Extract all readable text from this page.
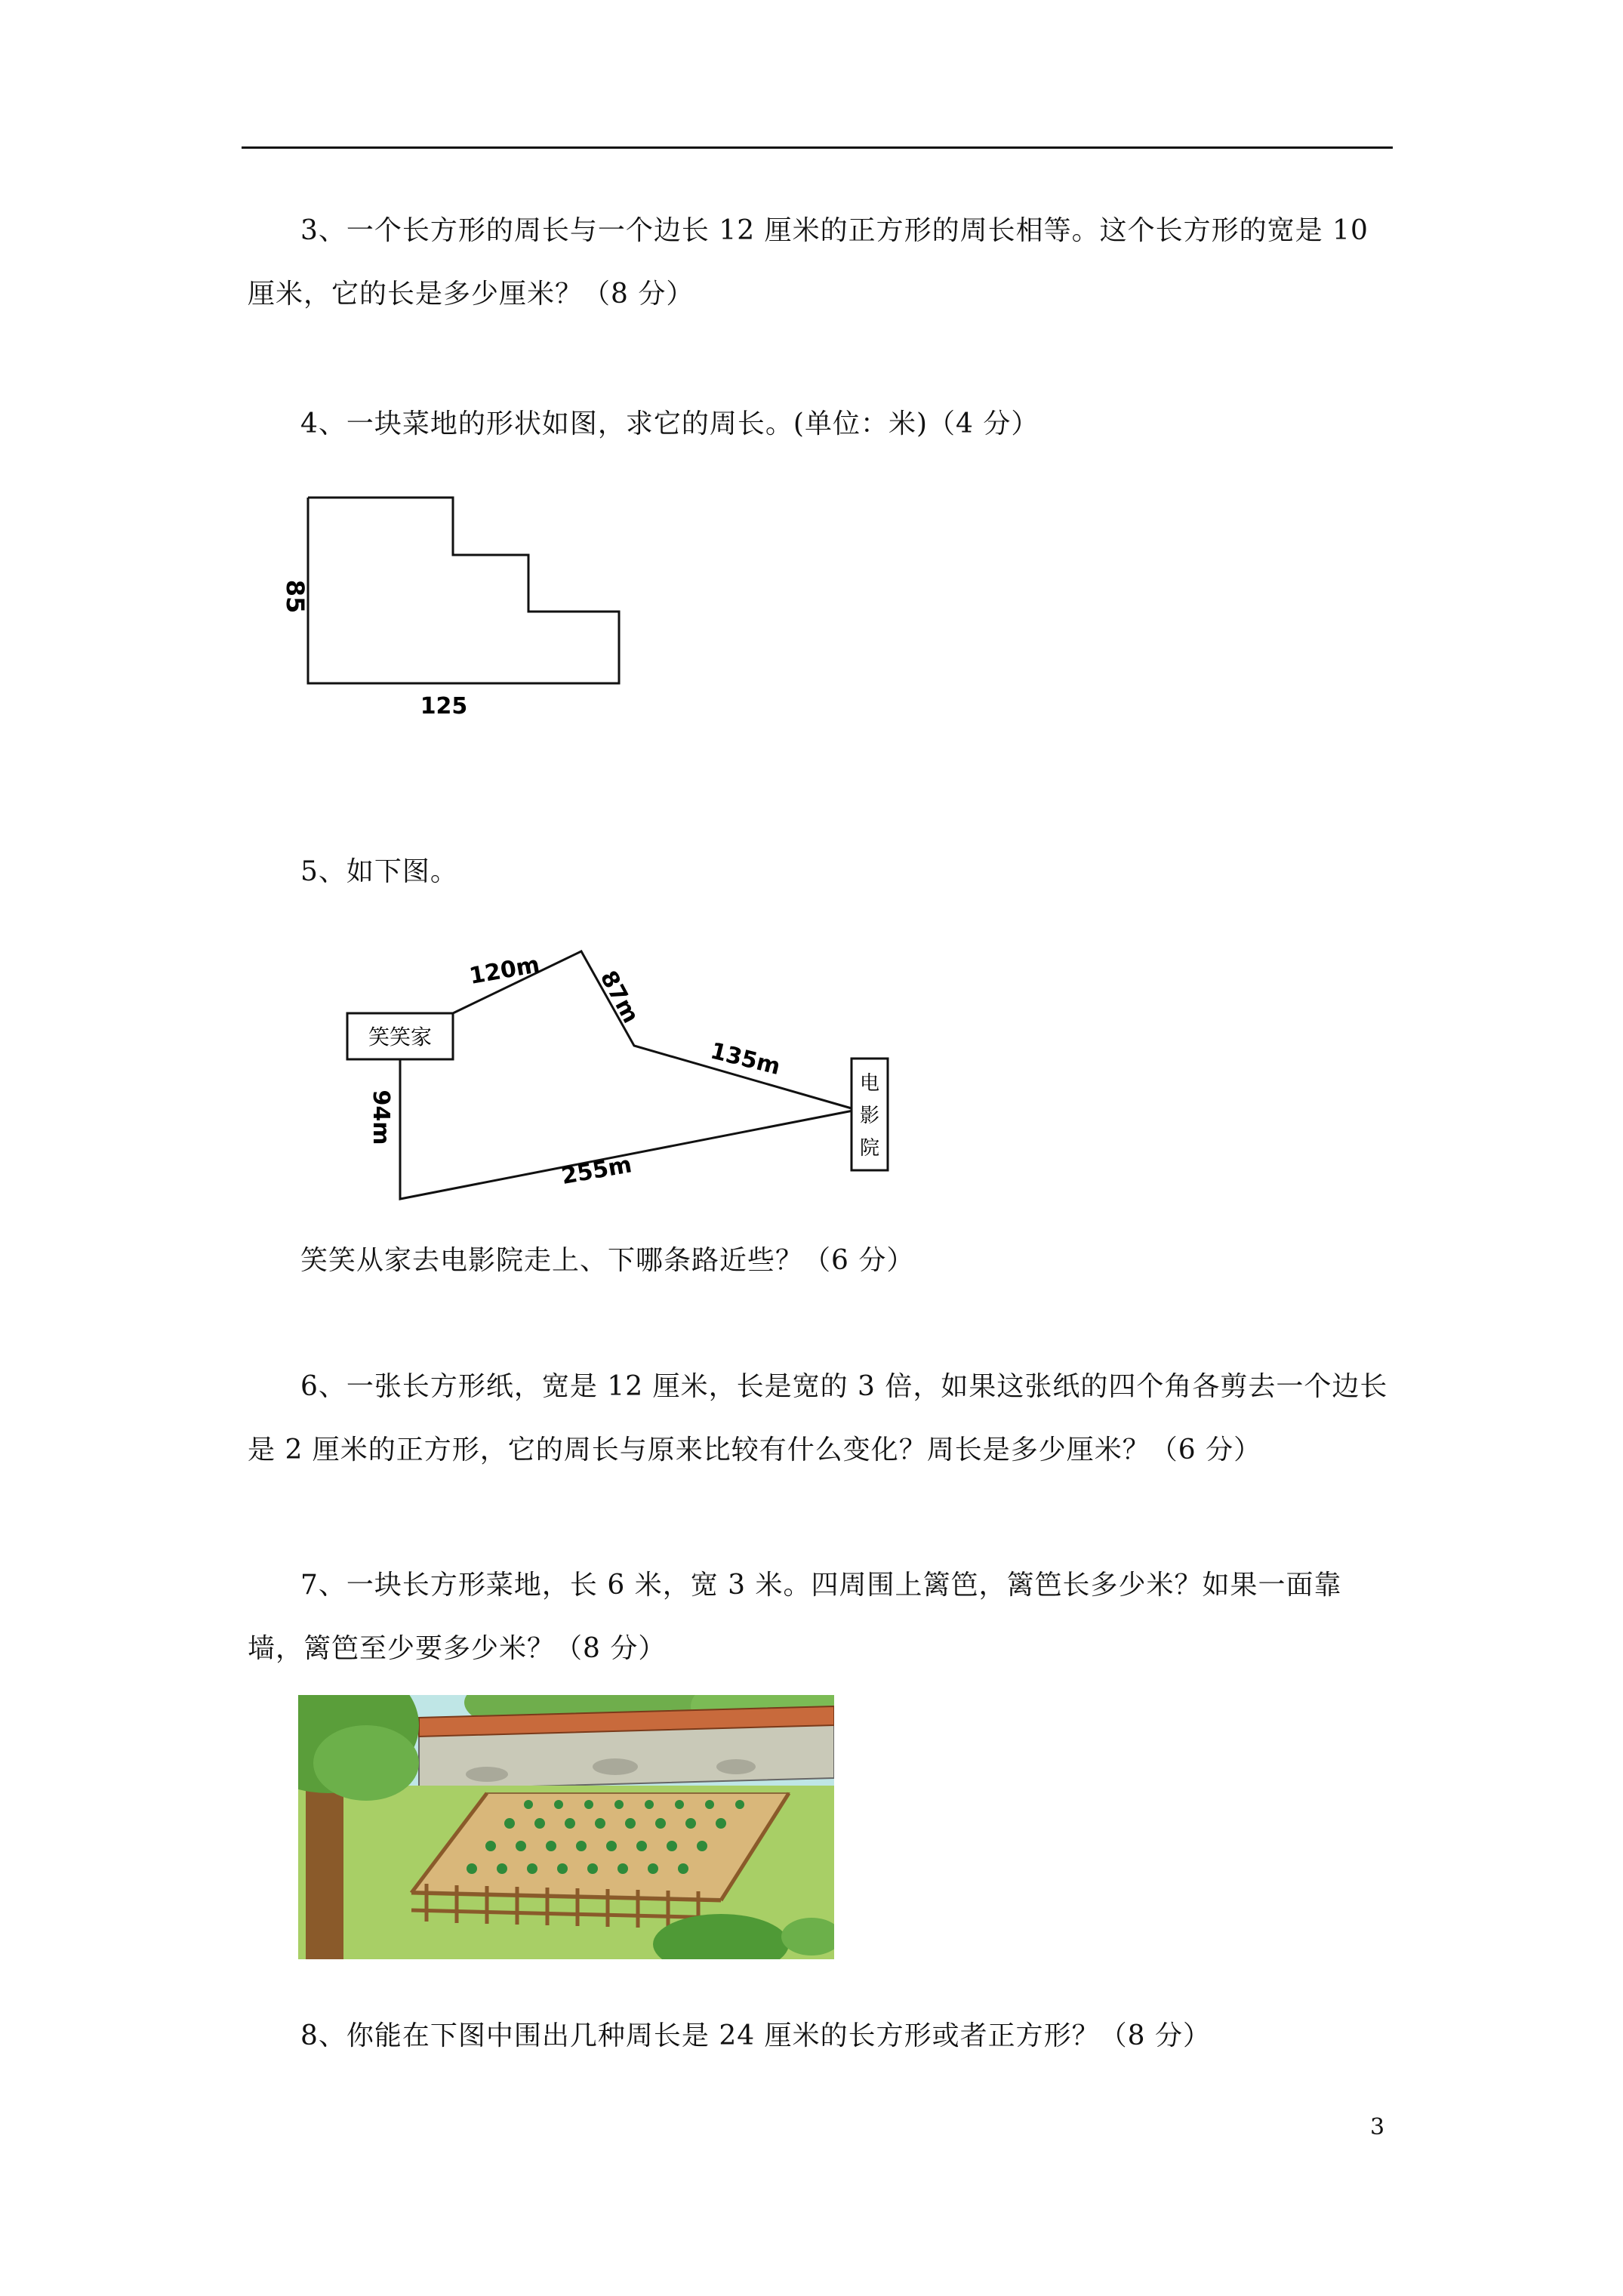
3、一个长方形的周长与一个边长 12 厘米的正方形的周长相等。这个长方形的宽是 10 厘米，它的长是多少厘米？（8 分）
4、一块菜地的形状如图，求它的周长。(单位：米)（4 分）
85
125
5、如下图。
笑笑家
电
影
院
120m 87m
135m
94m
255m
笑笑从家去电影院走上、下哪条路近些？（6 分）
6、一张长方形纸，宽是 12 厘米，长是宽的 3 倍，如果这张纸的四个角各剪去一个边长是 2 厘米的正方形，它的周长与原来比较有什么变化？周长是多少厘米？（6 分）
7、一块长方形菜地，长 6 米，宽 3 米。四周围上篱笆，篱笆长多少米？如果一面靠墙，篱笆至少要多少米？（8 分）
8、你能在下图中围出几种周长是 24 厘米的长方形或者正方形？（8 分）
3
